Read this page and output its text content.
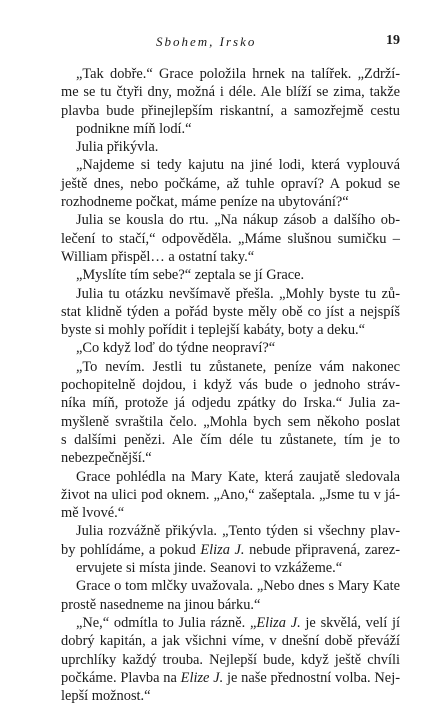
Sbohem, Irsko	19
„Tak dobře.“ Grace položila hrnek na talířek. „Zdrží-
me se tu čtyři dny, možná i déle. Ale blíží se zima, takže
plavba bude přinejlepším riskantní, a samozřejmě cestu
podnikne míň lodí.“
Julia přikývla.
„Najdeme si tedy kajutu na jiné lodi, která vyplouvá
ještě dnes, nebo počkáme, až tuhle opraví? A pokud se
rozhodneme počkat, máme peníze na ubytování?“
Julia se kousla do rtu. „Na nákup zásob a dalšího ob-
lečení to stačí,“ odpověděla. „Máme slušnou sumičku –
William přispěl… a ostatní taky.“
„Myslíte tím sebe?“ zeptala se jí Grace.
Julia tu otázku nevšímavě přešla. „Mohly byste tu zů-
stat klidně týden a pořád byste měly obě co jíst a nejspíš
byste si mohly pořídit i teplejší kabáty, boty a deku.“
„Co když loď do týdne neopraví?“
„To nevím. Jestli tu zůstanete, peníze vám nakonec
pochopitelně dojdou, i když vás bude o jednoho stráv-
níka míň, protože já odjedu zpátky do Irska.“ Julia za-
myšleně svraštila čelo. „Mohla bych sem někoho poslat
s dalšími penězi. Ale čím déle tu zůstanete, tím je to
nebezpečnější.“
Grace pohlédla na Mary Kate, která zaujatě sledovala
život na ulici pod oknem. „Ano,“ zašeptala. „Jsme tu v já-
mě lvové.“
Julia rozvážně přikývla. „Tento týden si všechny plav-
by pohlídáme, a pokud Eliza J. nebude připravená, zarez-
ervujete si místa jinde. Seanovi to vzkážeme.“
Grace o tom mlčky uvažovala. „Nebo dnes s Mary Kate
prostě nasedneme na jinou bárku.“
„Ne,“ odmítla to Julia rázně. „Eliza J. je skvělá, velí jí
dobrý kapitán, a jak všichni víme, v dnešní době převáží
uprchlíky každý trouba. Nejlepší bude, když ještě chvíli
počkáme. Plavba na Elize J. je naše přednostní volba. Nej-
lepší možnost.“
